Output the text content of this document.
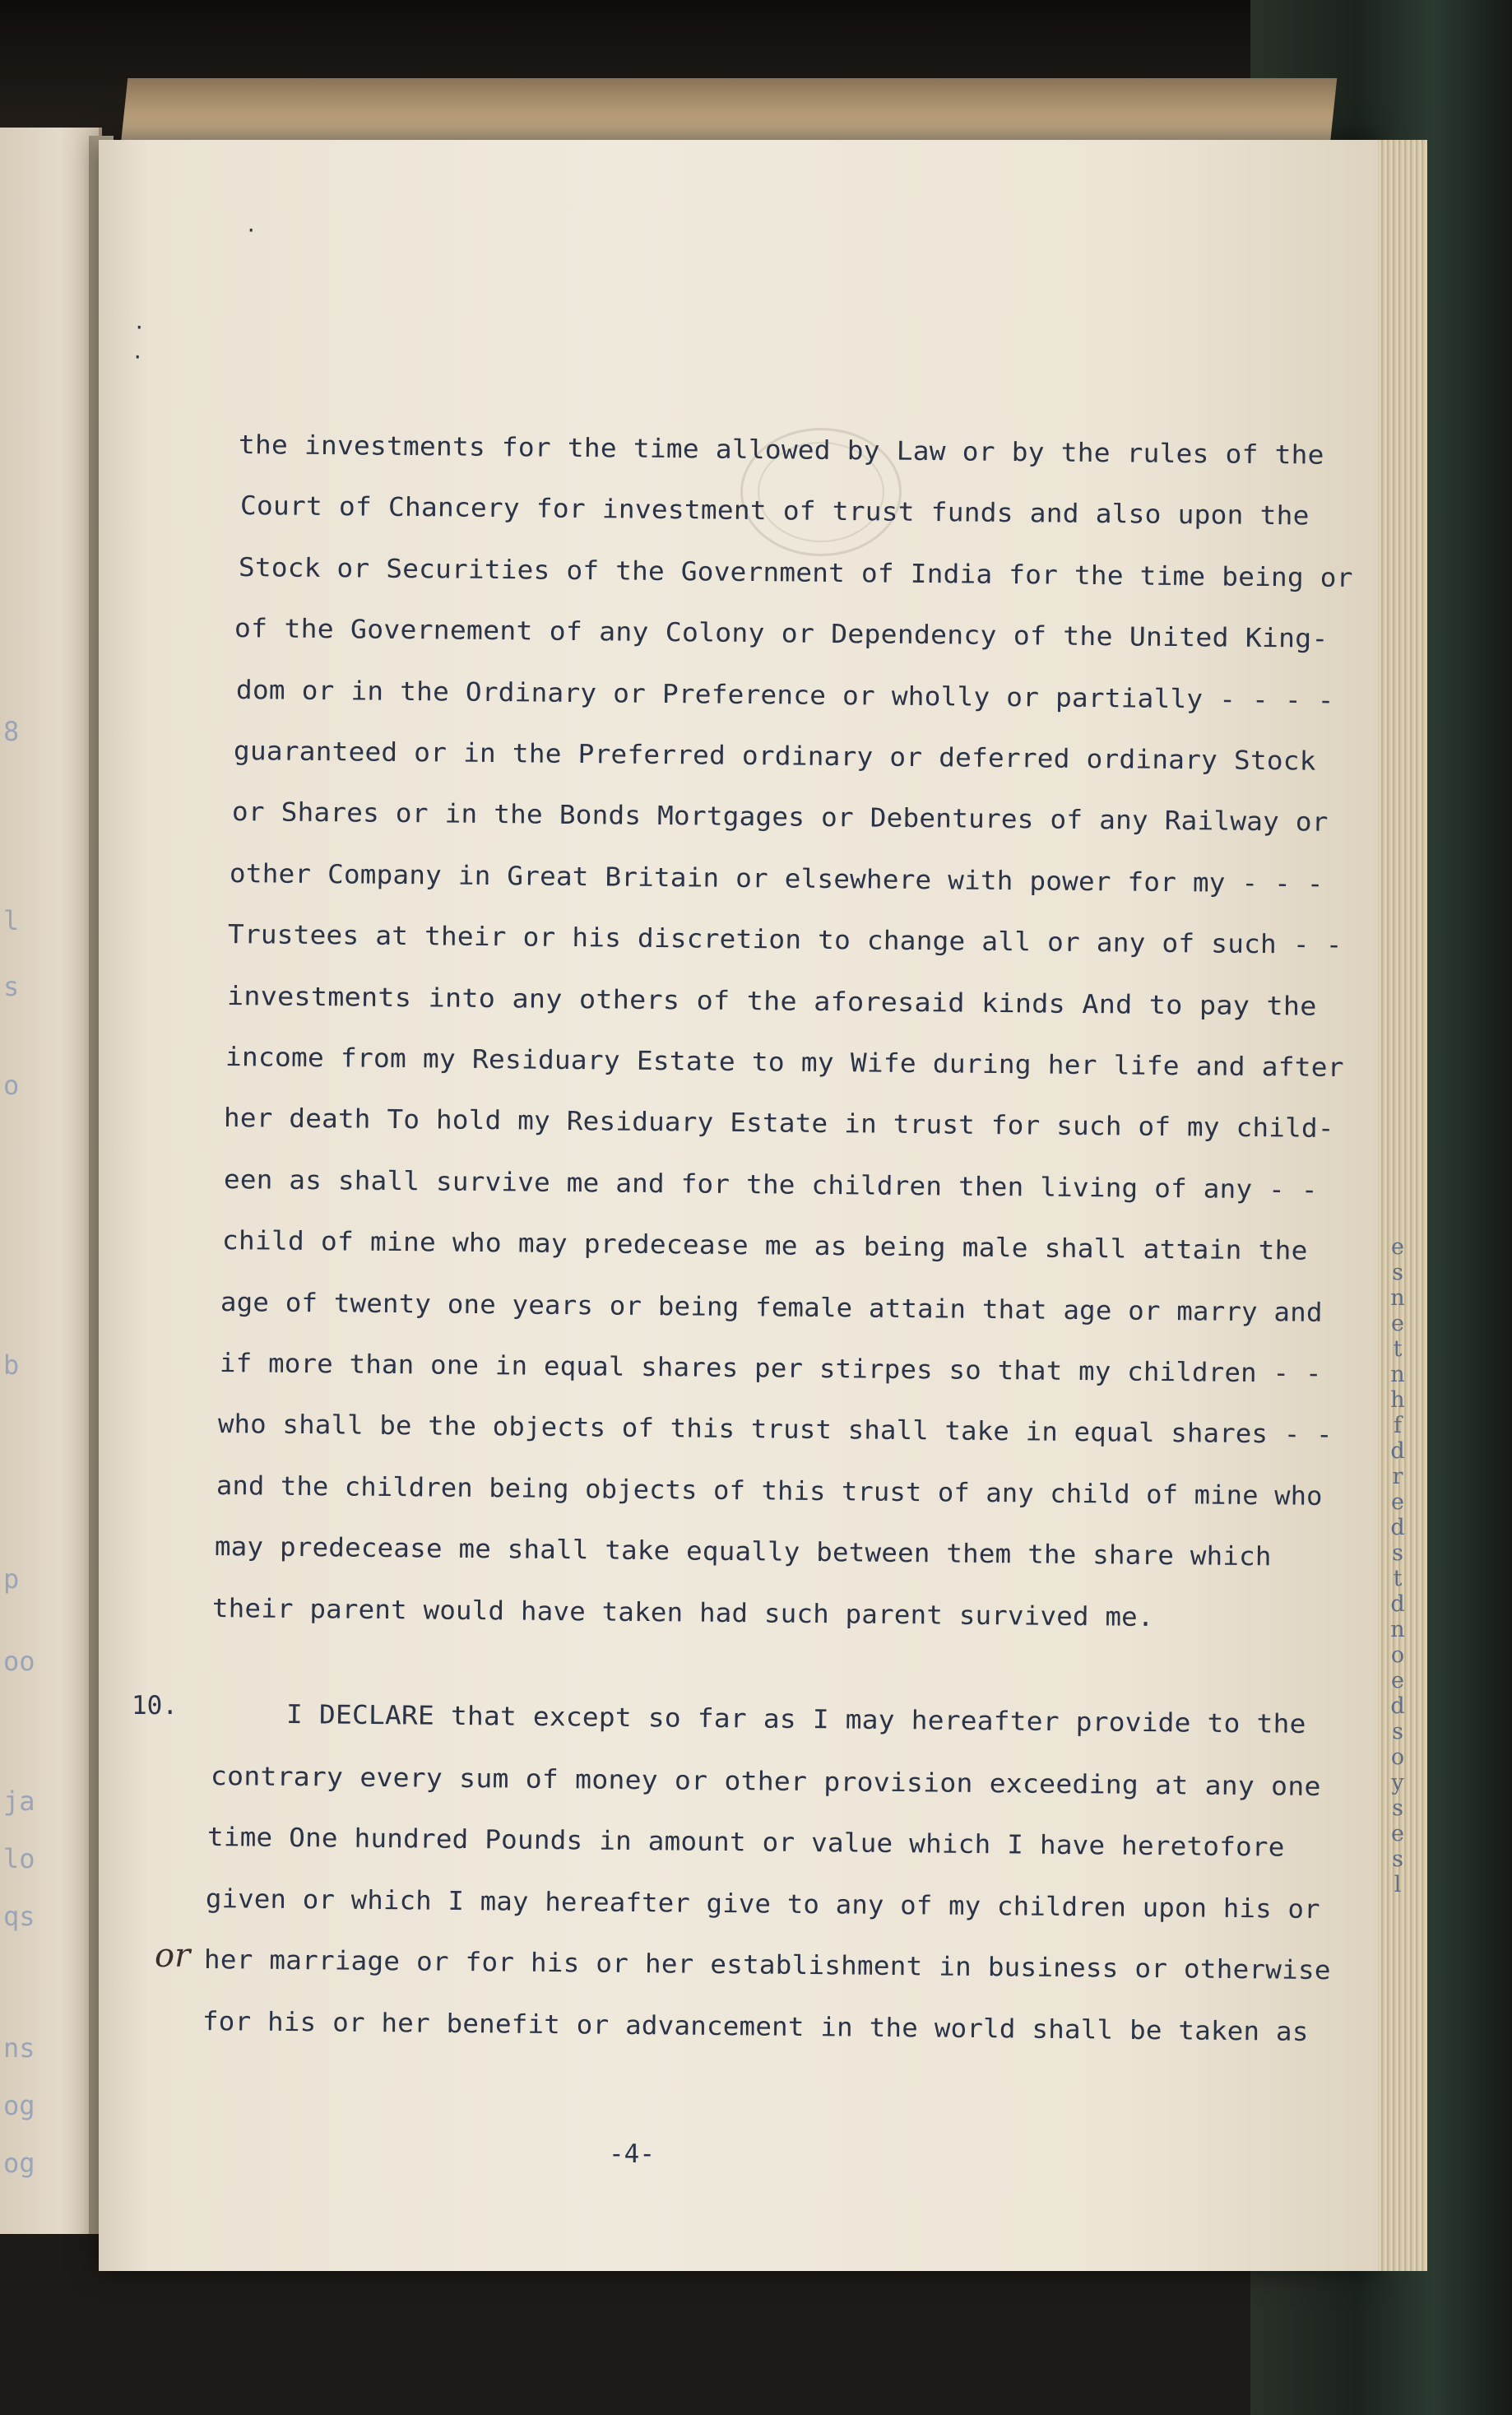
8
l
s
o
b
p
oo
ja
lo
qs
ns
og
og
·
·
·
e
s
n
e
t
n
h
f
d
r
e
d
s
t
d
n
o
e
d
s
o
y
s
e
s
l
the investments for the time allowed by Law or by the rules of the
Court of Chancery for investment of trust funds and also upon the
Stock or Securities of the Government of India for the time being or
of the Governement of any Colony or Dependency of the United King-
dom or in the Ordinary or Preference or wholly or partially - - - -
guaranteed or in the Preferred ordinary or deferred ordinary Stock
or Shares or in the Bonds Mortgages or Debentures of any Railway or
other Company in Great Britain or elsewhere with power for my - - -
Trustees at their or his discretion to change all or any of such - -
investments into any others of the aforesaid kinds And to pay the
income from my Residuary Estate to my Wife during her life and after
her death To hold my Residuary Estate in trust for such of my child-
een as shall survive me and for the children then living of any - -
child of mine who may predecease me as being male shall attain the
age of twenty one years or being female attain that age or marry and
if more than one in equal shares per stirpes so that my children - -
who shall be the objects of this trust shall take in equal shares - -
and the children being objects of this trust of any child of mine who
may predecease me shall take equally between them the share which
their parent would have taken had such parent survived me.
10.	I DECLARE that except so far as I may hereafter provide to the
contrary every sum of money or other provision exceeding at any one
time One hundred Pounds in amount or value which I have heretofore
given or which I may hereafter give to any of my children upon his or
her marriage or for his or her establishment in business or otherwise
for his or her benefit or advancement in the world shall be taken as
or
-4-
